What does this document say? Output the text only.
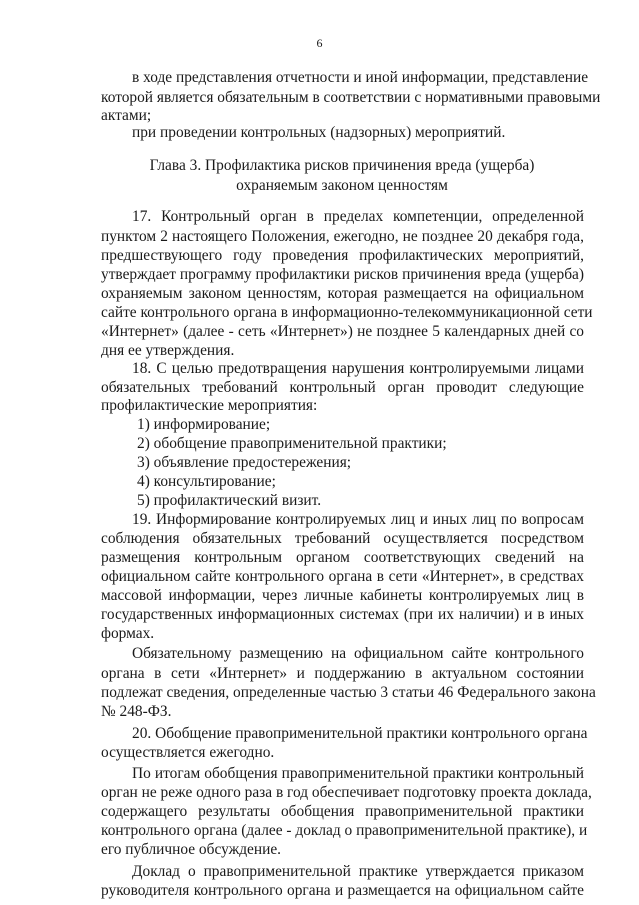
6
в ходе представления отчетности и иной информации, представление
которой является обязательным в соответствии с нормативными правовыми
актами;
при проведении контрольных (надзорных) мероприятий.
Глава 3. Профилактика рисков причинения вреда (ущерба)
охраняемым законом ценностям
17. Контрольный орган в пределах компетенции, определенной
пунктом 2 настоящего Положения, ежегодно, не позднее 20 декабря года,
предшествующего году проведения профилактических мероприятий,
утверждает программу профилактики рисков причинения вреда (ущерба)
охраняемым законом ценностям, которая размещается на официальном
сайте контрольного органа в информационно-телекоммуникационной сети
«Интернет» (далее - сеть «Интернет») не позднее 5 календарных дней со
дня ее утверждения.
18. С целью предотвращения нарушения контролируемыми лицами
обязательных требований контрольный орган проводит следующие
профилактические мероприятия:
1) информирование;
2) обобщение правоприменительной практики;
3) объявление предостережения;
4) консультирование;
5) профилактический визит.
19. Информирование контролируемых лиц и иных лиц по вопросам
соблюдения обязательных требований осуществляется посредством
размещения контрольным органом соответствующих сведений на
официальном сайте контрольного органа в сети «Интернет», в средствах
массовой информации, через личные кабинеты контролируемых лиц в
государственных информационных системах (при их наличии) и в иных
формах.
Обязательному размещению на официальном сайте контрольного
органа в сети «Интернет» и поддержанию в актуальном состоянии
подлежат сведения, определенные частью 3 статьи 46 Федерального закона
№ 248-ФЗ.
20. Обобщение правоприменительной практики контрольного органа
осуществляется ежегодно.
По итогам обобщения правоприменительной практики контрольный
орган не реже одного раза в год обеспечивает подготовку проекта доклада,
содержащего результаты обобщения правоприменительной практики
контрольного органа (далее - доклад о правоприменительной практике), и
его публичное обсуждение.
Доклад о правоприменительной практике утверждается приказом
руководителя контрольного органа и размещается на официальном сайте
